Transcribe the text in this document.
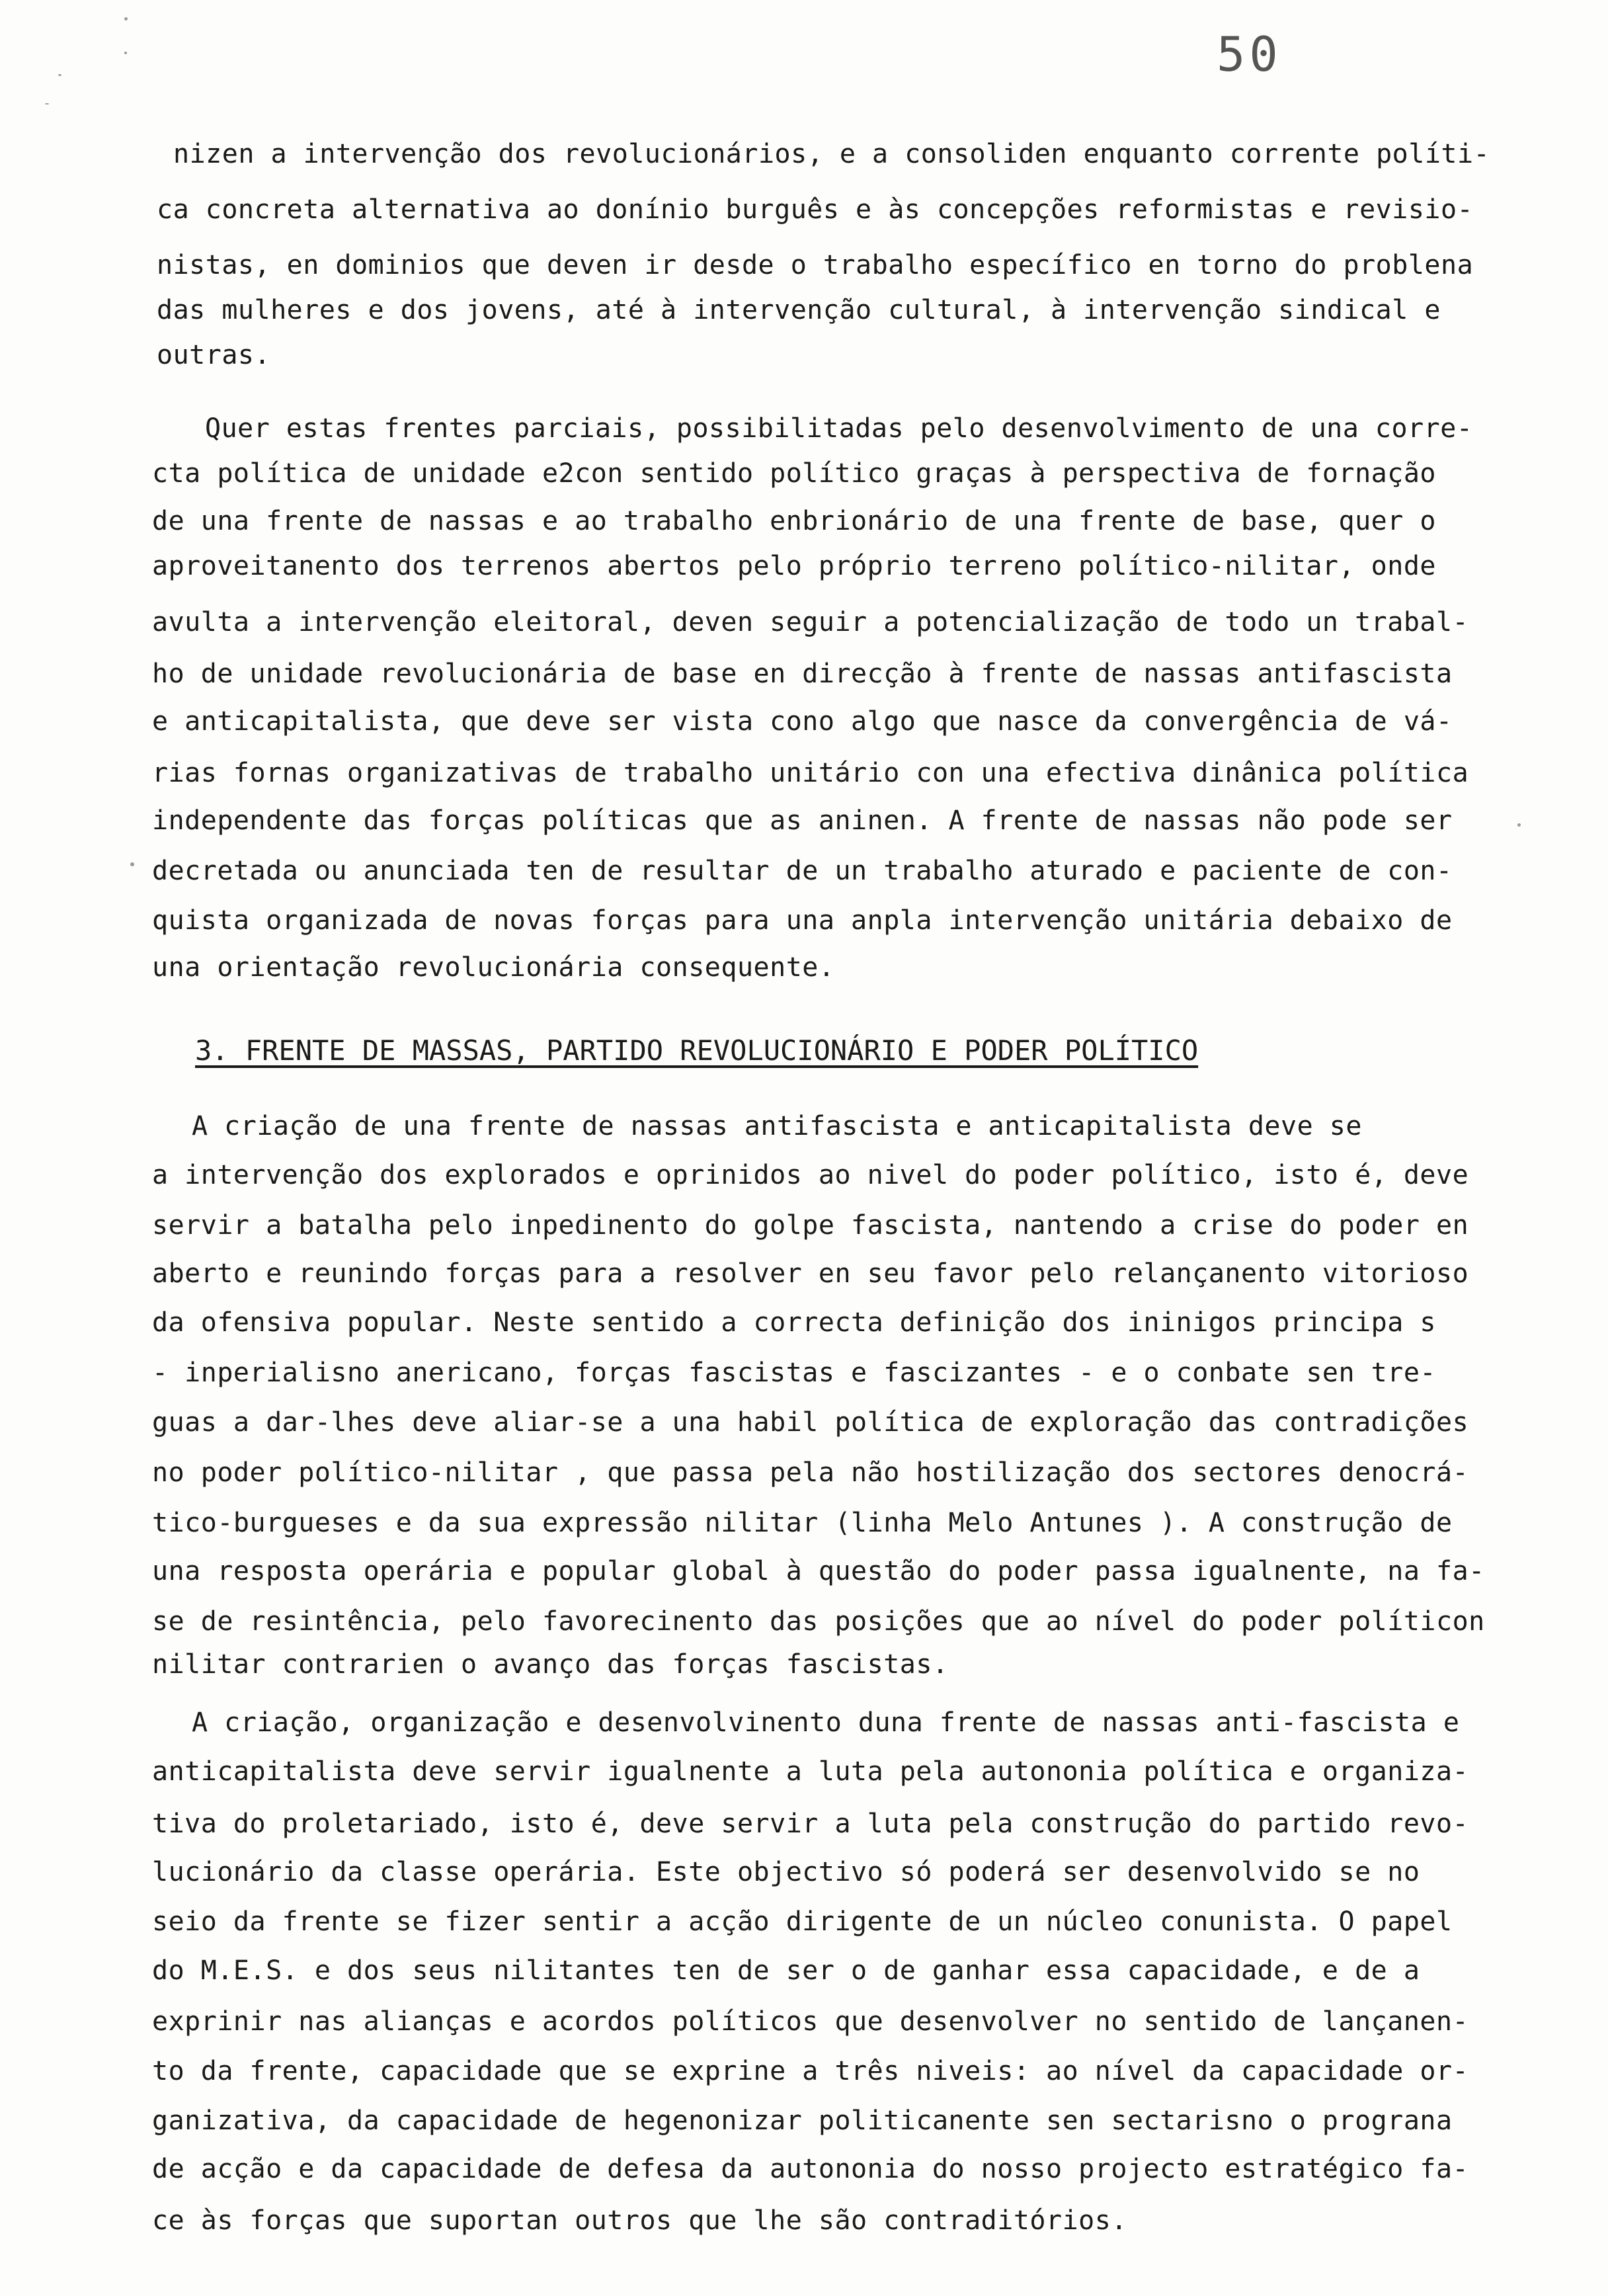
50
nizen a intervenção dos revolucionários, e a consoliden enquanto corrente políti-
ca concreta alternativa ao donínio burguês e às concepções reformistas e revisio-
nistas, en dominios que deven ir desde o trabalho específico en torno do problena
das mulheres e dos jovens, até à intervenção cultural, à intervenção sindical e
outras.
Quer estas frentes parciais, possibilitadas pelo desenvolvimento de una corre-
cta política de unidade e2con sentido político graças à perspectiva de fornação
de una frente de nassas e ao trabalho enbrionário de una frente de base, quer o
aproveitanento dos terrenos abertos pelo próprio terreno político-nilitar, onde
avulta a intervenção eleitoral, deven seguir a potencialização de todo un trabal-
ho de unidade revolucionária de base en direcção à frente de nassas antifascista
e anticapitalista, que deve ser vista cono algo que nasce da convergência de vá-
rias fornas organizativas de trabalho unitário con una efectiva dinânica política
independente das forças políticas que as aninen. A frente de nassas não pode ser
decretada ou anunciada ten de resultar de un trabalho aturado e paciente de con-
quista organizada de novas forças para una anpla intervenção unitária debaixo de
una orientação revolucionária consequente.
3. FRENTE DE MASSAS, PARTIDO REVOLUCIONÁRIO E PODER POLÍTICO
A criação de una frente de nassas antifascista e anticapitalista deve se
a intervenção dos explorados e oprinidos ao nivel do poder político, isto é, deve
servir a batalha pelo inpedinento do golpe fascista, nantendo a crise do poder en
aberto e reunindo forças para a resolver en seu favor pelo relançanento vitorioso
da ofensiva popular. Neste sentido a correcta definição dos ininigos principa s
- inperialisno anericano, forças fascistas e fascizantes - e o conbate sen tre-
guas a dar-lhes deve aliar-se a una habil política de exploração das contradições
no poder político-nilitar , que passa pela não hostilização dos sectores denocrá-
tico-burgueses e da sua expressão nilitar (linha Melo Antunes ). A construção de
una resposta operária e popular global à questão do poder passa igualnente, na fa-
se de resintência, pelo favorecinento das posições que ao nível do poder políticon
nilitar contrarien o avanço das forças fascistas.
A criação, organização e desenvolvinento duna frente de nassas anti-fascista e
anticapitalista deve servir igualnente a luta pela autononia política e organiza-
tiva do proletariado, isto é, deve servir a luta pela construção do partido revo-
lucionário da classe operária. Este objectivo só poderá ser desenvolvido se no
seio da frente se fizer sentir a acção dirigente de un núcleo conunista. O papel
do M.E.S. e dos seus nilitantes ten de ser o de ganhar essa capacidade, e de a
exprinir nas alianças e acordos políticos que desenvolver no sentido de lançanen-
to da frente, capacidade que se exprine a três niveis: ao nível da capacidade or-
ganizativa, da capacidade de hegenonizar politicanente sen sectarisno o prograna
de acção e da capacidade de defesa da autononia do nosso projecto estratégico fa-
ce às forças que suportan outros que lhe são contraditórios.
